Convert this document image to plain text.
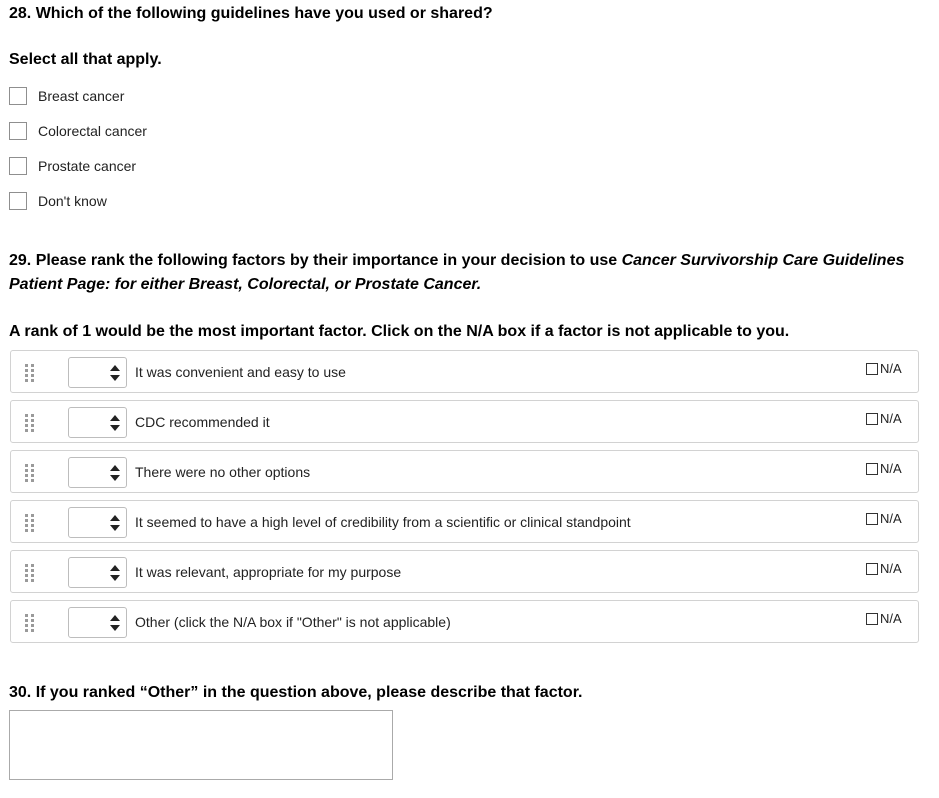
28. Which of the following guidelines have you used or shared?
Select all that apply.
Breast cancer
Colorectal cancer
Prostate cancer
Don't know
29. Please rank the following factors by their importance in your decision to use Cancer Survivorship Care Guidelines Patient Page: for either Breast, Colorectal, or Prostate Cancer.
A rank of 1 would be the most important factor. Click on the N/A box if a factor is not applicable to you.
It was convenient and easy to use	N/A
CDC recommended it	N/A
There were no other options	N/A
It seemed to have a high level of credibility from a scientific or clinical standpoint	N/A
It was relevant, appropriate for my purpose	N/A
Other (click the N/A box if "Other" is not applicable)	N/A
30. If you ranked “Other” in the question above, please describe that factor.
